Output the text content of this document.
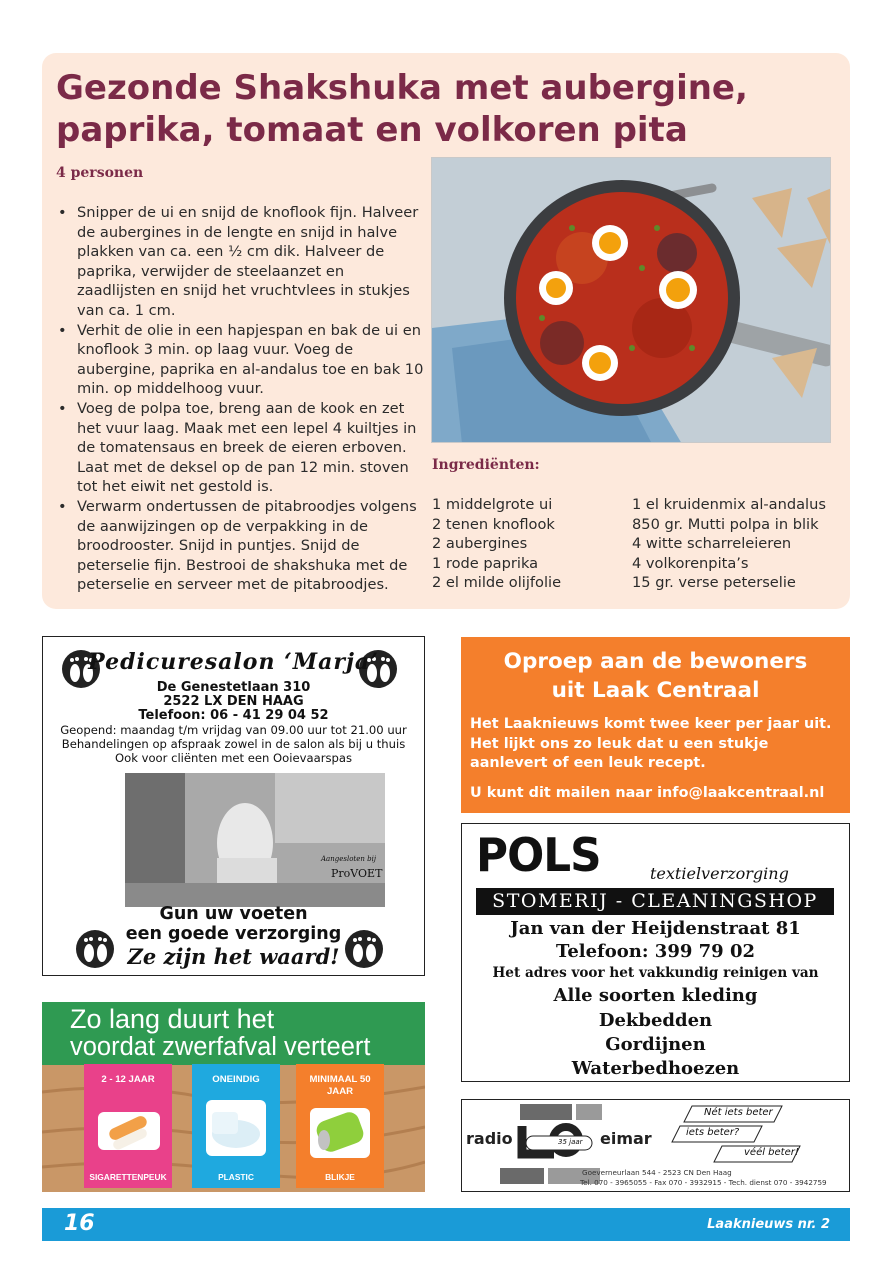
Gezonde Shakshuka met aubergine, paprika, tomaat en volkoren pita
4 personen
• Snipper de ui en snijd de knoflook fijn. Halveer de aubergines in de lengte en snijd in halve plakken van ca. een ½ cm dik. Halveer de paprika, verwijder de steelaanzet en zaadlijsten en snijd het vruchtvlees in stukjes van ca. 1 cm.
• Verhit de olie in een hapjespan en bak de ui en knoflook 3 min. op laag vuur. Voeg de aubergine, paprika en al-andalus toe en bak 10 min. op middelhoog vuur.
• Voeg de polpa toe, breng aan de kook en zet het vuur laag. Maak met een lepel 4 kuiltjes in de tomatensaus en breek de eieren erboven. Laat met de deksel op de pan 12 min. stoven tot het eiwit net gestold is.
• Verwarm ondertussen de pitabroodjes volgens de aanwijzingen op de verpakking in de broodrooster. Snijd in puntjes. Snijd de peterselie fijn. Bestrooi de shakshuka met de peterselie en serveer met de pitabroodjes.
Ingrediënten:
1 middelgrote ui
2 tenen knoflook
2 aubergines
1 rode paprika
2 el milde olijfolie
1 el kruidenmix al-andalus
850 gr. Mutti polpa in blik
4 witte scharreleieren
4 volkorenpita’s
15 gr. verse peterselie
Pedicuresalon ‘Marja’
De Genestetlaan 310
2522 LX DEN HAAG
Telefoon: 06 - 41 29 04 52
Geopend: maandag t/m vrijdag van 09.00 uur tot 21.00 uur
Behandelingen op afspraak zowel in de salon als bij u thuis
Ook voor cliënten met een Ooievaarspas
Aangesloten bij
ProVOET
Gun uw voeten
een goede verzorging
Ze zijn het waard!
Oproep aan de bewoners
uit Laak Centraal
Het Laaknieuws komt twee keer per jaar uit. Het lijkt ons zo leuk dat u een stukje aanlevert of een leuk recept.
U kunt dit mailen naar info@laakcentraal.nl
POLS	textielverzorging
STOMERIJ - CLEANINGSHOP
Jan van der Heijdenstraat 81
Telefoon: 399 79 02
Het adres voor het vakkundig reinigen van
Alle soorten kleding
Dekbedden
Gordijnen
Waterbedhoezen
Zo lang duurt het
voordat zwerfafval verteert
2 - 12 JAAR
SIGARETTENPEUK
ONEINDIG
PLASTIC
MINIMAAL 50 JAAR
BLIKJE
radio	eimar
35 jaar
Nét iets beter
iets beter?
véél beter!
Goeverneurlaan 544 - 2523 CN Den Haag
Tel. 070 - 3965055 - Fax 070 - 3932915 - Tech. dienst 070 - 3942759
16	Laaknieuws nr. 2
